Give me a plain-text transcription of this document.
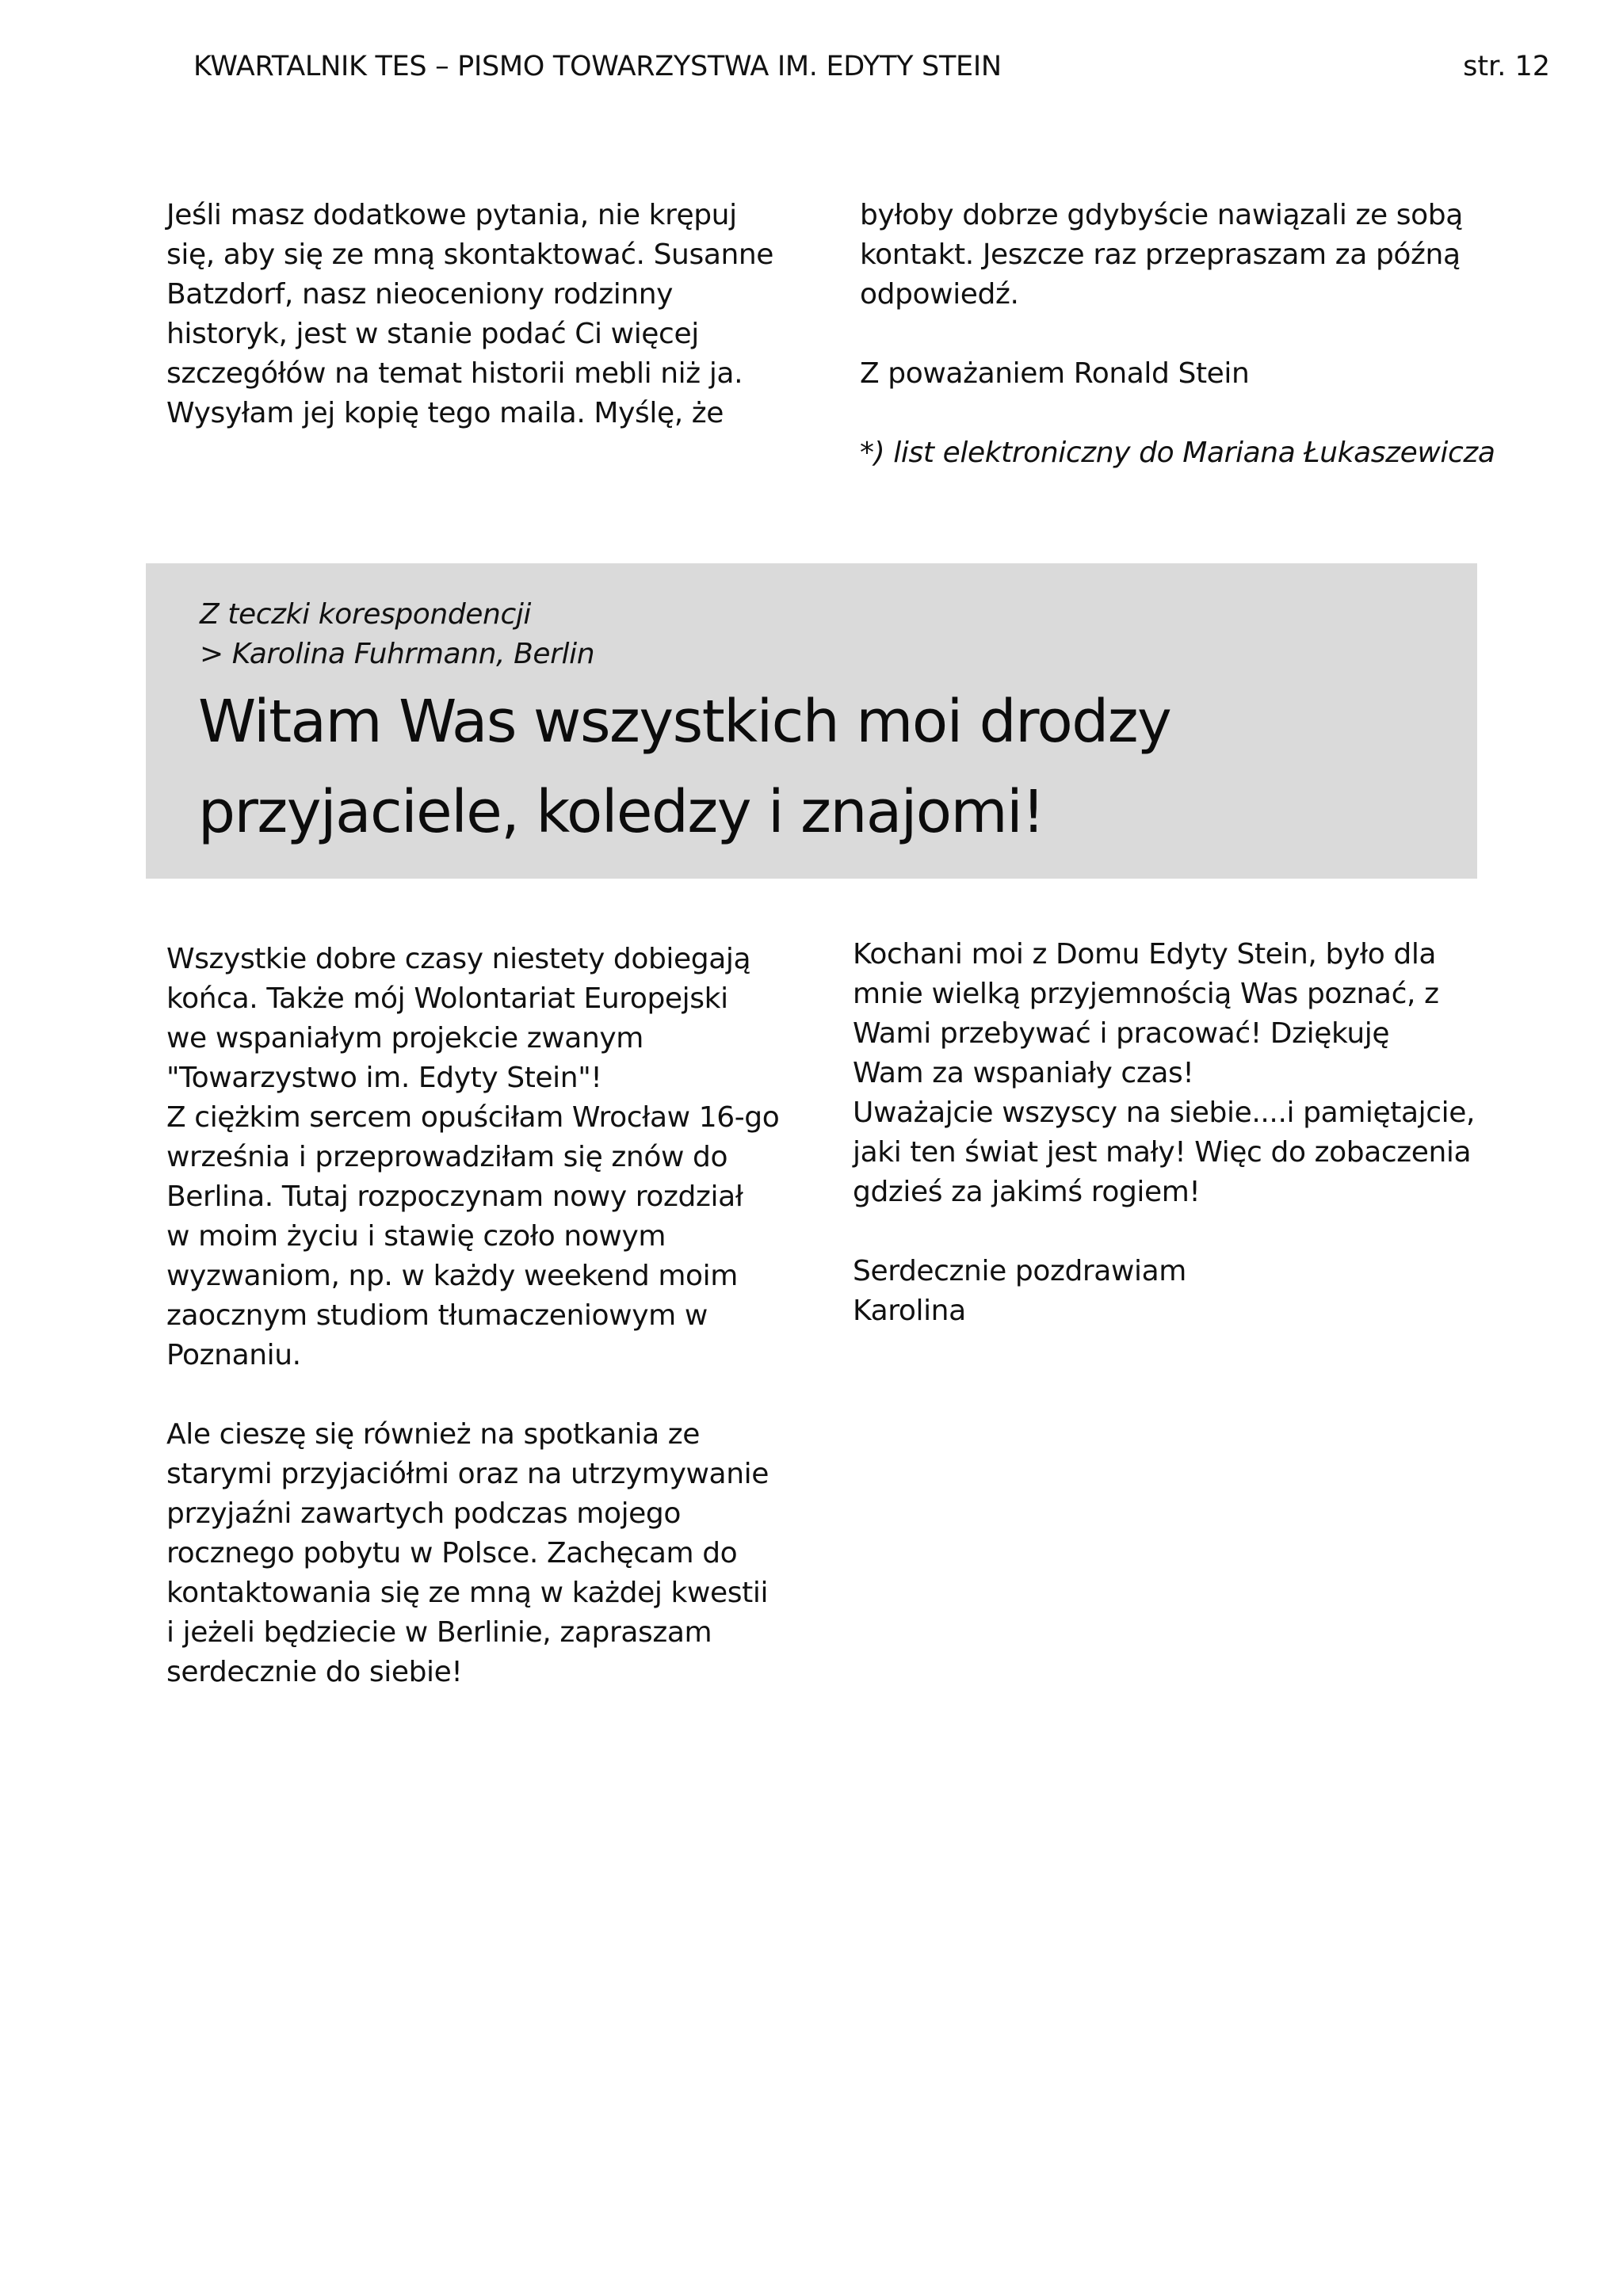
KWARTALNIK TES – PISMO TOWARZYSTWA IM. EDYTY STEIN	str. 12
Jeśli masz dodatkowe pytania, nie krępuj
się, aby się ze mną skontaktować. Susanne
Batzdorf, nasz nieoceniony rodzinny
historyk, jest w stanie podać Ci więcej
szczegółów na temat historii mebli niż ja.
Wysyłam jej kopię tego maila. Myślę, że
byłoby dobrze gdybyście nawiązali ze sobą
kontakt. Jeszcze raz przepraszam za późną
odpowiedź.
Z poważaniem Ronald Stein
*) list elektroniczny do Mariana Łukaszewicza
Z teczki korespondencji
> Karolina Fuhrmann, Berlin
Witam Was wszystkich moi drodzy
przyjaciele, koledzy i znajomi!
Wszystkie dobre czasy niestety dobiegają
końca. Także mój Wolontariat Europejski
we wspaniałym projekcie zwanym
"Towarzystwo im. Edyty Stein"!
Z ciężkim sercem opuściłam Wrocław 16-go
września i przeprowadziłam się znów do
Berlina. Tutaj rozpoczynam nowy rozdział
w moim życiu i stawię czoło nowym
wyzwaniom, np. w każdy weekend moim
zaocznym studiom tłumaczeniowym w
Poznaniu.
Ale cieszę się również na spotkania ze
starymi przyjaciółmi oraz na utrzymywanie
przyjaźni zawartych podczas mojego
rocznego pobytu w Polsce. Zachęcam do
kontaktowania się ze mną w każdej kwestii
i jeżeli będziecie w Berlinie, zapraszam
serdecznie do siebie!
Kochani moi z Domu Edyty Stein, było dla
mnie wielką przyjemnością Was poznać, z
Wami przebywać i pracować! Dziękuję
Wam za wspaniały czas!
Uważajcie wszyscy na siebie....i pamiętajcie,
jaki ten świat jest mały! Więc do zobaczenia
gdzieś za jakimś rogiem!
Serdecznie pozdrawiam
Karolina
